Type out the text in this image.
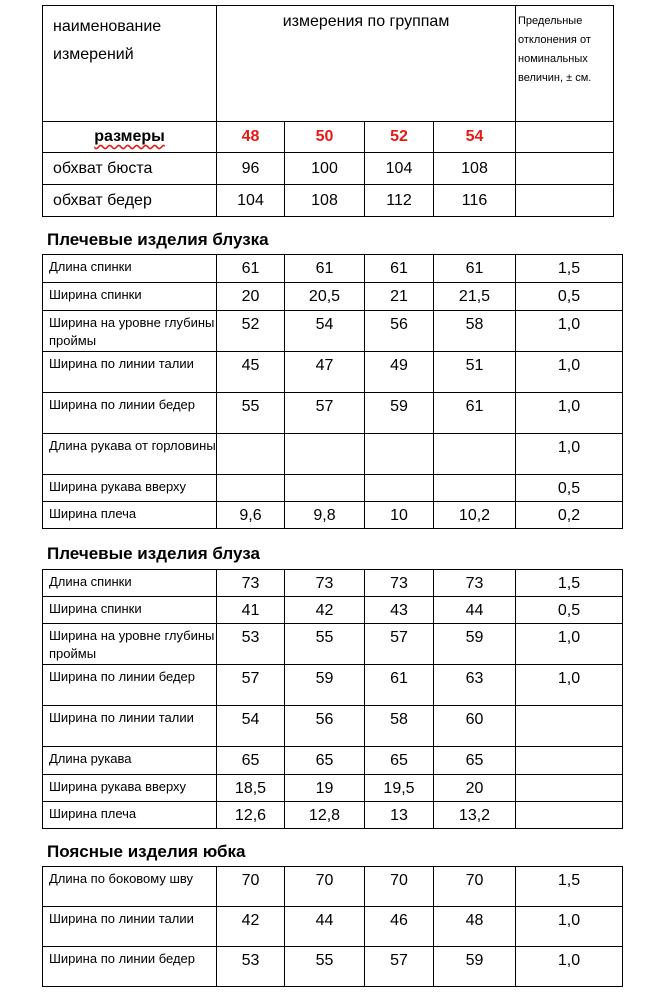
наименование измерений	измерения по группам				Предельные отклонения от номинальных величин, ± см.
размеры	48	50	52	54	
обхват бюста	96	100	104	108	
обхват бедер	104	108	112	116	
Плечевые изделия блузка
Длина спинки	61	61	61	61	1,5
Ширина спинки	20	20,5	21	21,5	0,5
Ширина на уровне глубины проймы	52	54	56	58	1,0
Ширина по линии талии	45	47	49	51	1,0
Ширина по линии бедер	55	57	59	61	1,0
Длина рукава от горловины					1,0
Ширина рукава вверху					0,5
Ширина плеча	9,6	9,8	10	10,2	0,2
Плечевые изделия блуза
Длина спинки	73	73	73	73	1,5
Ширина спинки	41	42	43	44	0,5
Ширина на уровне глубины проймы	53	55	57	59	1,0
Ширина по линии бедер	57	59	61	63	1,0
Ширина по линии талии	54	56	58	60	
Длина рукава	65	65	65	65	
Ширина рукава вверху	18,5	19	19,5	20	
Ширина плеча	12,6	12,8	13	13,2	
Поясные изделия юбка
Длина по боковому шву	70	70	70	70	1,5
Ширина по линии талии	42	44	46	48	1,0
Ширина по линии бедер	53	55	57	59	1,0
